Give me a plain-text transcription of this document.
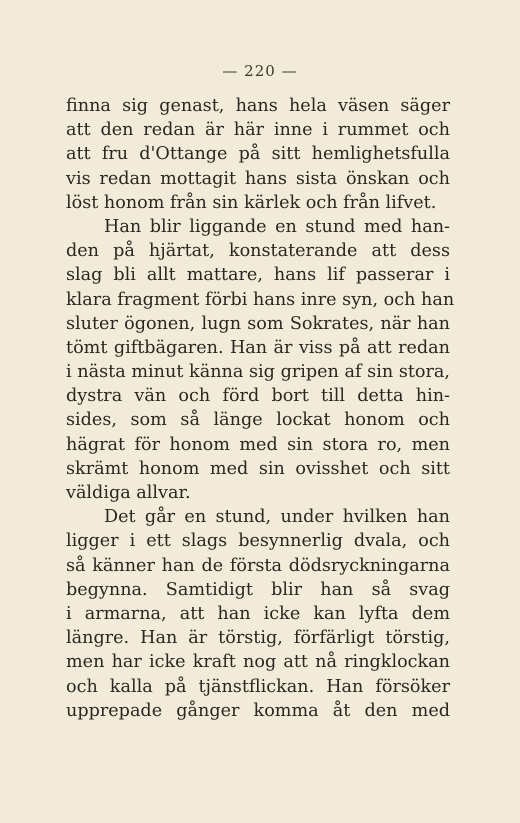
— 220 —
finna sig genast, hans hela väsen säger
att den redan är här inne i rummet och
att fru d'Ottange på sitt hemlighetsfulla
vis redan mottagit hans sista önskan och
löst honom från sin kärlek och från lifvet.
Han blir liggande en stund med han-
den på hjärtat, konstaterande att dess
slag bli allt mattare, hans lif passerar i
klara fragment förbi hans inre syn, och han
sluter ögonen, lugn som Sokrates, när han
tömt giftbägaren. Han är viss på att redan
i nästa minut känna sig gripen af sin stora,
dystra vän och förd bort till detta hin-
sides, som så länge lockat honom och
hägrat för honom med sin stora ro, men
skrämt honom med sin ovisshet och sitt
väldiga allvar.
Det går en stund, under hvilken han
ligger i ett slags besynnerlig dvala, och
så känner han de första dödsryckningarna
begynna. Samtidigt blir han så svag
i armarna, att han icke kan lyfta dem
längre. Han är törstig, förfärligt törstig,
men har icke kraft nog att nå ringklockan
och kalla på tjänstflickan. Han försöker
upprepade gånger komma åt den med
